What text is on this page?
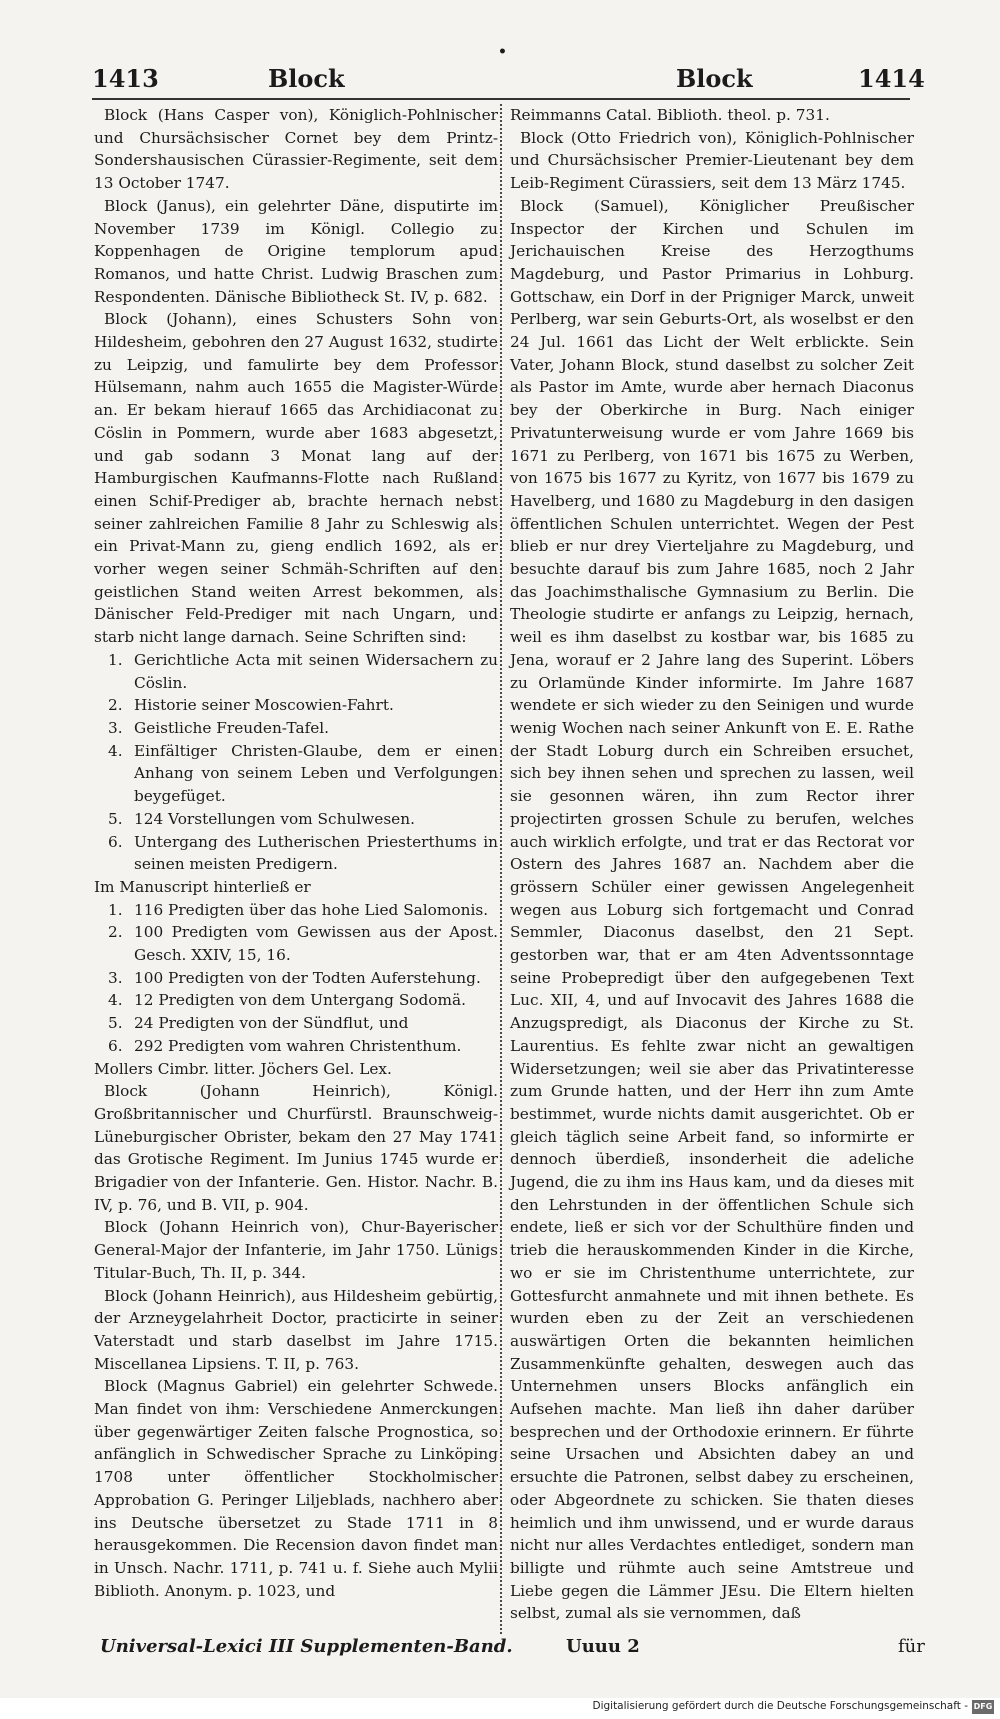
•
1413	Block	Block	1414

Block (Hans Casper von), Königlich-Pohlnischer und Chursächsischer Cornet bey dem Printz-Sondershausischen Cürassier-Regimente, seit dem 13 October 1747.

Block (Janus), ein gelehrter Däne, disputirte im November 1739 im Königl. Collegio zu Koppenhagen de Origine templorum apud Romanos, und hatte Christ. Ludwig Braschen zum Respondenten. Dänische Bibliotheck St. IV, p. 682.

Block (Johann), eines Schusters Sohn von Hildesheim, gebohren den 27 August 1632, studirte zu Leipzig, und famulirte bey dem Professor Hülsemann, nahm auch 1655 die Magister-Würde an. Er bekam hierauf 1665 das Archidiaconat zu Cöslin in Pommern, wurde aber 1683 abgesetzt, und gab sodann 3 Monat lang auf der Hamburgischen Kaufmanns-Flotte nach Rußland einen Schif-Prediger ab, brachte hernach nebst seiner zahlreichen Familie 8 Jahr zu Schleswig als ein Privat-Mann zu, gieng endlich 1692, als er vorher wegen seiner Schmäh-Schriften auf den geistlichen Stand weiten Arrest bekommen, als Dänischer Feld-Prediger mit nach Ungarn, und starb nicht lange darnach. Seine Schriften sind:

1. Gerichtliche Acta mit seinen Widersachern zu Cöslin.
2. Historie seiner Moscowien-Fahrt.
3. Geistliche Freuden-Tafel.
4. Einfältiger Christen-Glaube, dem er einen Anhang von seinem Leben und Verfolgungen beygefüget.
5. 124 Vorstellungen vom Schulwesen.
6. Untergang des Lutherischen Priesterthums in seinen meisten Predigern.

Im Manuscript hinterließ er

1. 116 Predigten über das hohe Lied Salomonis.
2. 100 Predigten vom Gewissen aus der Apost. Gesch. XXIV, 15, 16.
3. 100 Predigten von der Todten Auferstehung.
4. 12 Predigten von dem Untergang Sodomä.
5. 24 Predigten von der Sündflut, und
6. 292 Predigten vom wahren Christenthum.

Mollers Cimbr. litter. Jöchers Gel. Lex.

Block (Johann Heinrich), Königl. Großbritannischer und Churfürstl. Braunschweig-Lüneburgischer Obrister, bekam den 27 May 1741 das Grotische Regiment. Im Junius 1745 wurde er Brigadier von der Infanterie. Gen. Histor. Nachr. B. IV, p. 76, und B. VII, p. 904.

Block (Johann Heinrich von), Chur-Bayerischer General-Major der Infanterie, im Jahr 1750. Lünigs Titular-Buch, Th. II, p. 344.

Block (Johann Heinrich), aus Hildesheim gebürtig, der Arzneygelahrheit Doctor, practicirte in seiner Vaterstadt und starb daselbst im Jahre 1715. Miscellanea Lipsiens. T. II, p. 763.

Block (Magnus Gabriel) ein gelehrter Schwede. Man findet von ihm: Verschiedene Anmerckungen über gegenwärtiger Zeiten falsche Prognostica, so anfänglich in Schwedischer Sprache zu Linköping 1708 unter öffentlicher Stockholmischer Approbation G. Peringer Liljeblads, nachhero aber ins Deutsche übersetzet zu Stade 1711 in 8 herausgekommen. Die Recension davon findet man in Unsch. Nachr. 1711, p. 741 u. f. Siehe auch Mylii Biblioth. Anonym. p. 1023, und

Reimmanns Catal. Biblioth. theol. p. 731.

Block (Otto Friedrich von), Königlich-Pohlnischer und Chursächsischer Premier-Lieutenant bey dem Leib-Regiment Cürassiers, seit dem 13 März 1745.

Block (Samuel), Königlicher Preußischer Inspector der Kirchen und Schulen im Jerichauischen Kreise des Herzogthums Magdeburg, und Pastor Primarius in Lohburg. Gottschaw, ein Dorf in der Prigniger Marck, unweit Perlberg, war sein Geburts-Ort, als woselbst er den 24 Jul. 1661 das Licht der Welt erblickte. Sein Vater, Johann Block, stund daselbst zu solcher Zeit als Pastor im Amte, wurde aber hernach Diaconus bey der Oberkirche in Burg. Nach einiger Privatunterweisung wurde er vom Jahre 1669 bis 1671 zu Perlberg, von 1671 bis 1675 zu Werben, von 1675 bis 1677 zu Kyritz, von 1677 bis 1679 zu Havelberg, und 1680 zu Magdeburg in den dasigen öffentlichen Schulen unterrichtet. Wegen der Pest blieb er nur drey Vierteljahre zu Magdeburg, und besuchte darauf bis zum Jahre 1685, noch 2 Jahr das Joachimsthalische Gymnasium zu Berlin. Die Theologie studirte er anfangs zu Leipzig, hernach, weil es ihm daselbst zu kostbar war, bis 1685 zu Jena, worauf er 2 Jahre lang des Superint. Löbers zu Orlamünde Kinder informirte. Im Jahre 1687 wendete er sich wieder zu den Seinigen und wurde wenig Wochen nach seiner Ankunft von E. E. Rathe der Stadt Loburg durch ein Schreiben ersuchet, sich bey ihnen sehen und sprechen zu lassen, weil sie gesonnen wären, ihn zum Rector ihrer projectirten grossen Schule zu berufen, welches auch wirklich erfolgte, und trat er das Rectorat vor Ostern des Jahres 1687 an. Nachdem aber die grössern Schüler einer gewissen Angelegenheit wegen aus Loburg sich fortgemacht und Conrad Semmler, Diaconus daselbst, den 21 Sept. gestorben war, that er am 4ten Adventssonntage seine Probepredigt über den aufgegebenen Text Luc. XII, 4, und auf Invocavit des Jahres 1688 die Anzugspredigt, als Diaconus der Kirche zu St. Laurentius. Es fehlte zwar nicht an gewaltigen Widersetzungen; weil sie aber das Privatinteresse zum Grunde hatten, und der Herr ihn zum Amte bestimmet, wurde nichts damit ausgerichtet. Ob er gleich täglich seine Arbeit fand, so informirte er dennoch überdieß, insonderheit die adeliche Jugend, die zu ihm ins Haus kam, und da dieses mit den Lehrstunden in der öffentlichen Schule sich endete, ließ er sich vor der Schulthüre finden und trieb die herauskommenden Kinder in die Kirche, wo er sie im Christenthume unterrichtete, zur Gottesfurcht anmahnete und mit ihnen bethete. Es wurden eben zu der Zeit an verschiedenen auswärtigen Orten die bekannten heimlichen Zusammenkünfte gehalten, deswegen auch das Unternehmen unsers Blocks anfänglich ein Aufsehen machte. Man ließ ihn daher darüber besprechen und der Orthodoxie erinnern. Er führte seine Ursachen und Absichten dabey an und ersuchte die Patronen, selbst dabey zu erscheinen, oder Abgeordnete zu schicken. Sie thaten dieses heimlich und ihm unwissend, und er wurde daraus nicht nur alles Verdachtes entlediget, sondern man billigte und rühmte auch seine Amtstreue und Liebe gegen die Lämmer JEsu. Die Eltern hielten selbst, zumal als sie vernommen, daß

Universal-Lexici III Supplementen-Band.	Uuuu 2	für
Digitalisierung gefördert durch die Deutsche Forschungsgemeinschaft - DFG
